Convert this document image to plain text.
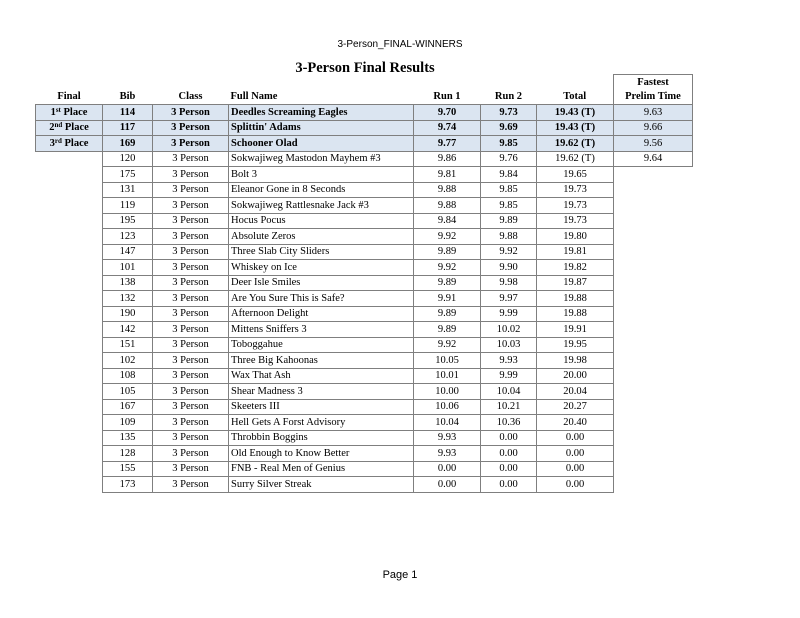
3-Person_FINAL-WINNERS
3-Person Final Results
							Fastest
Final	Bib	Class	Full Name	Run 1	Run 2	Total	Prelim Time
1st Place	114	3 Person	Deedles Screaming Eagles	9.70	9.73	19.43 (T)	9.63
2nd Place	117	3 Person	Splittin' Adams	9.74	9.69	19.43 (T)	9.66
3rd Place	169	3 Person	Schooner Olad	9.77	9.85	19.62 (T)	9.56
	120	3 Person	Sokwajiweg Mastodon Mayhem #3	9.86	9.76	19.62 (T)	9.64
	175	3 Person	Bolt 3	9.81	9.84	19.65	
	131	3 Person	Eleanor Gone in 8 Seconds	9.88	9.85	19.73	
	119	3 Person	Sokwajiweg Rattlesnake Jack #3	9.88	9.85	19.73	
	195	3 Person	Hocus Pocus	9.84	9.89	19.73	
	123	3 Person	Absolute Zeros	9.92	9.88	19.80	
	147	3 Person	Three Slab City Sliders	9.89	9.92	19.81	
	101	3 Person	Whiskey on Ice	9.92	9.90	19.82	
	138	3 Person	Deer Isle Smiles	9.89	9.98	19.87	
	132	3 Person	Are You Sure This is Safe?	9.91	9.97	19.88	
	190	3 Person	Afternoon Delight	9.89	9.99	19.88	
	142	3 Person	Mittens Sniffers 3	9.89	10.02	19.91	
	151	3 Person	Toboggahue	9.92	10.03	19.95	
	102	3 Person	Three Big Kahoonas	10.05	9.93	19.98	
	108	3 Person	Wax That Ash	10.01	9.99	20.00	
	105	3 Person	Shear Madness 3	10.00	10.04	20.04	
	167	3 Person	Skeeters III	10.06	10.21	20.27	
	109	3 Person	Hell Gets A Forst Advisory	10.04	10.36	20.40	
	135	3 Person	Throbbin Boggins	9.93	0.00	0.00	
	128	3 Person	Old Enough to Know Better	9.93	0.00	0.00	
	155	3 Person	FNB - Real Men of Genius	0.00	0.00	0.00	
	173	3 Person	Surry Silver Streak	0.00	0.00	0.00	
Page 1
